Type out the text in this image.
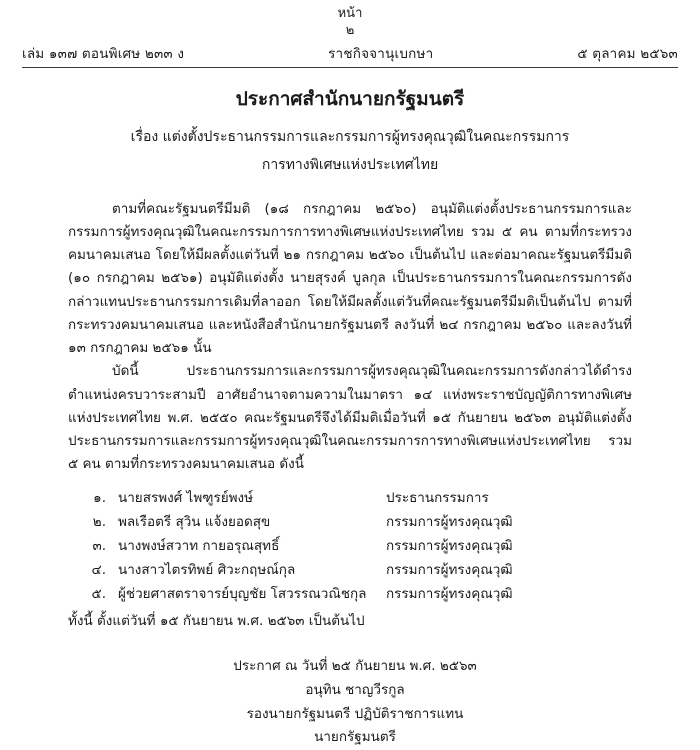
หน้า
๒
เล่ม ๑๓๗ ตอนพิเศษ ๒๓๓ ง	ราชกิจจานุเบกษา	๕ ตุลาคม ๒๕๖๓
ประกาศสำนักนายกรัฐมนตรี
เรื่อง แต่งตั้งประธานกรรมการและกรรมการผู้ทรงคุณวุฒิในคณะกรรมการ
การทางพิเศษแห่งประเทศไทย

ตามที่คณะรัฐมนตรีมีมติ (๑๘ กรกฎาคม ๒๕๖๐) อนุมัติแต่งตั้งประธานกรรมการและกรรมการผู้ทรงคุณวุฒิในคณะกรรมการการทางพิเศษแห่งประเทศไทย รวม ๕ คน ตามที่กระทรวงคมนาคมเสนอ โดยให้มีผลตั้งแต่วันที่ ๒๑ กรกฎาคม ๒๕๖๐ เป็นต้นไป และต่อมาคณะรัฐมนตรีมีมติ (๑๐ กรกฎาคม ๒๕๖๑) อนุมัติแต่งตั้ง นายสุรงค์ บูลกุล เป็นประธานกรรมการในคณะกรรมการดังกล่าวแทนประธานกรรมการเดิมที่ลาออก โดยให้มีผลตั้งแต่วันที่คณะรัฐมนตรีมีมติเป็นต้นไป ตามที่กระทรวงคมนาคมเสนอ และหนังสือสำนักนายกรัฐมนตรี ลงวันที่ ๒๔ กรกฎาคม ๒๕๖๐ และลงวันที่ ๑๓ กรกฎาคม ๒๕๖๑ นั้น

บัดนี้ ประธานกรรมการและกรรมการผู้ทรงคุณวุฒิในคณะกรรมการดังกล่าวได้ดำรงตำแหน่งครบวาระสามปี อาศัยอำนาจตามความในมาตรา ๑๔ แห่งพระราชบัญญัติการทางพิเศษแห่งประเทศไทย พ.ศ. ๒๕๕๐ คณะรัฐมนตรีจึงได้มีมติเมื่อวันที่ ๑๕ กันยายน ๒๕๖๓ อนุมัติแต่งตั้งประธานกรรมการและกรรมการผู้ทรงคุณวุฒิในคณะกรรมการการทางพิเศษแห่งประเทศไทย รวม ๕ คน ตามที่กระทรวงคมนาคมเสนอ ดังนี้

๑. นายสรพงศ์ ไพฑูรย์พงษ์	ประธานกรรมการ
๒. พลเรือตรี สุวิน แจ้งยอดสุข	กรรมการผู้ทรงคุณวุฒิ
๓. นางพงษ์สวาท กายอรุณสุทธิ์	กรรมการผู้ทรงคุณวุฒิ
๔. นางสาวไตรทิพย์ ศิวะกฤษณ์กุล	กรรมการผู้ทรงคุณวุฒิ
๕. ผู้ช่วยศาสตราจารย์บุญชัย โสวรรณวณิชกุล	กรรมการผู้ทรงคุณวุฒิ
ทั้งนี้ ตั้งแต่วันที่ ๑๕ กันยายน พ.ศ. ๒๕๖๓ เป็นต้นไป
ประกาศ ณ วันที่ ๒๕ กันยายน พ.ศ. ๒๕๖๓
อนุทิน ชาญวีรกูล
รองนายกรัฐมนตรี ปฏิบัติราชการแทน
นายกรัฐมนตรี
